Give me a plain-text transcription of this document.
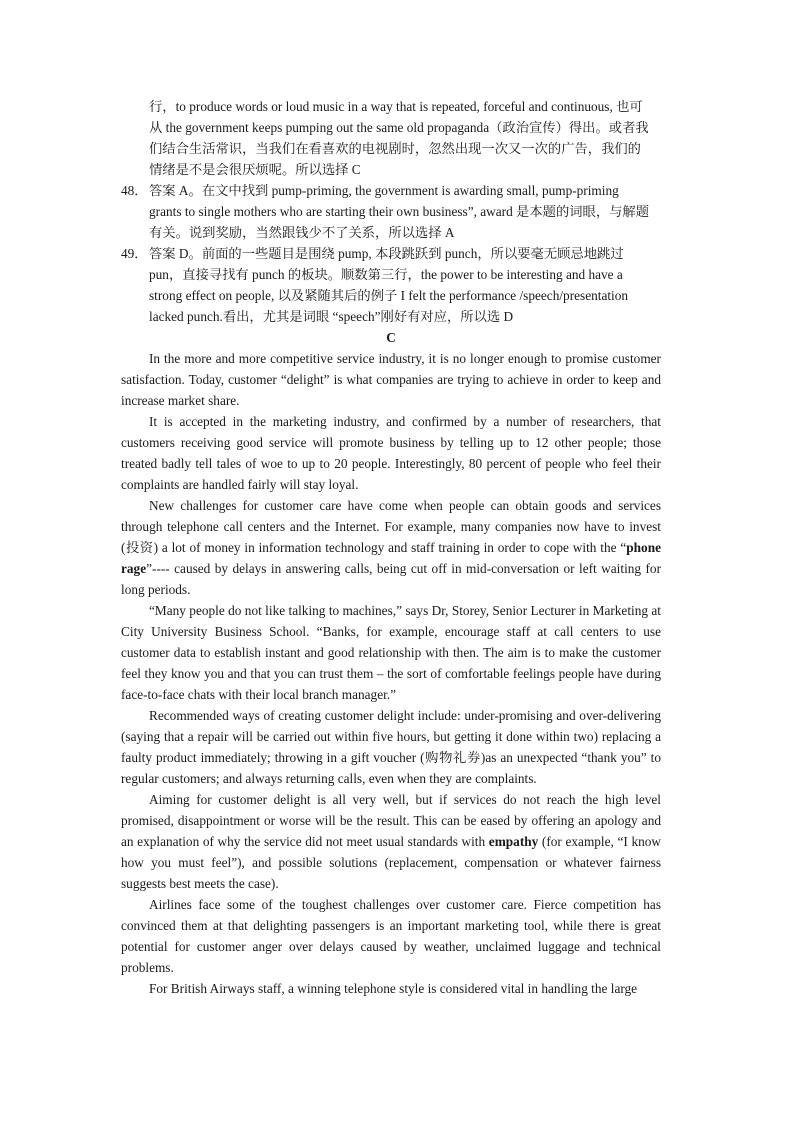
行，to produce words or loud music in a way that is repeated, forceful and continuous, 也可

从 the government keeps pumping out the same old propaganda（政治宣传）得出。或者我

们结合生活常识，当我们在看喜欢的电视剧时，忽然出现一次又一次的广告，我们的

情绪是不是会很厌烦呢。所以选择 C

48．答案 A。在文中找到 pump-priming, the government is awarding small, pump-priming

grants to single mothers who are starting their own business”, award 是本题的词眼，与解题

有关。说到奖励，当然跟钱少不了关系，所以选择 A

49．答案 D。前面的一些题目是围绕 pump, 本段跳跃到 punch，所以要毫无顾忌地跳过

pun，直接寻找有 punch 的板块。顺数第三行，the power to be interesting and have a

strong effect on people, 以及紧随其后的例子 I felt the performance /speech/presentation

lacked punch.看出，尤其是词眼 “speech”刚好有对应，所以选 D

C

In the more and more competitive service industry, it is no longer enough to promise customer satisfaction. Today, customer “delight” is what companies are trying to achieve in order to keep and increase market share.

It is accepted in the marketing industry, and confirmed by a number of researchers, that customers receiving good service will promote business by telling up to 12 other people; those treated badly tell tales of woe to up to 20 people. Interestingly, 80 percent of people who feel their complaints are handled fairly will stay loyal.

New challenges for customer care have come when people can obtain goods and services through telephone call centers and the Internet. For example, many companies now have to invest (投资) a lot of money in information technology and staff training in order to cope with the “phone rage”---- caused by delays in answering calls, being cut off in mid-conversation or left waiting for long periods.

“Many people do not like talking to machines,” says Dr, Storey, Senior Lecturer in Marketing at City University Business School. “Banks, for example, encourage staff at call centers to use customer data to establish instant and good relationship with then. The aim is to make the customer feel they know you and that you can trust them – the sort of comfortable feelings people have during face-to-face chats with their local branch manager.”

Recommended ways of creating customer delight include: under-promising and over-delivering (saying that a repair will be carried out within five hours, but getting it done within two) replacing a faulty product immediately; throwing in a gift voucher (购物礼券)as an unexpected “thank you” to regular customers; and always returning calls, even when they are complaints.

Aiming for customer delight is all very well, but if services do not reach the high level promised, disappointment or worse will be the result. This can be eased by offering an apology and an explanation of why the service did not meet usual standards with empathy (for example, “I know how you must feel”), and possible solutions (replacement, compensation or whatever fairness suggests best meets the case).

Airlines face some of the toughest challenges over customer care. Fierce competition has convinced them at that delighting passengers is an important marketing tool, while there is great potential for customer anger over delays caused by weather, unclaimed luggage and technical problems.

For British Airways staff, a winning telephone style is considered vital in handling the large
